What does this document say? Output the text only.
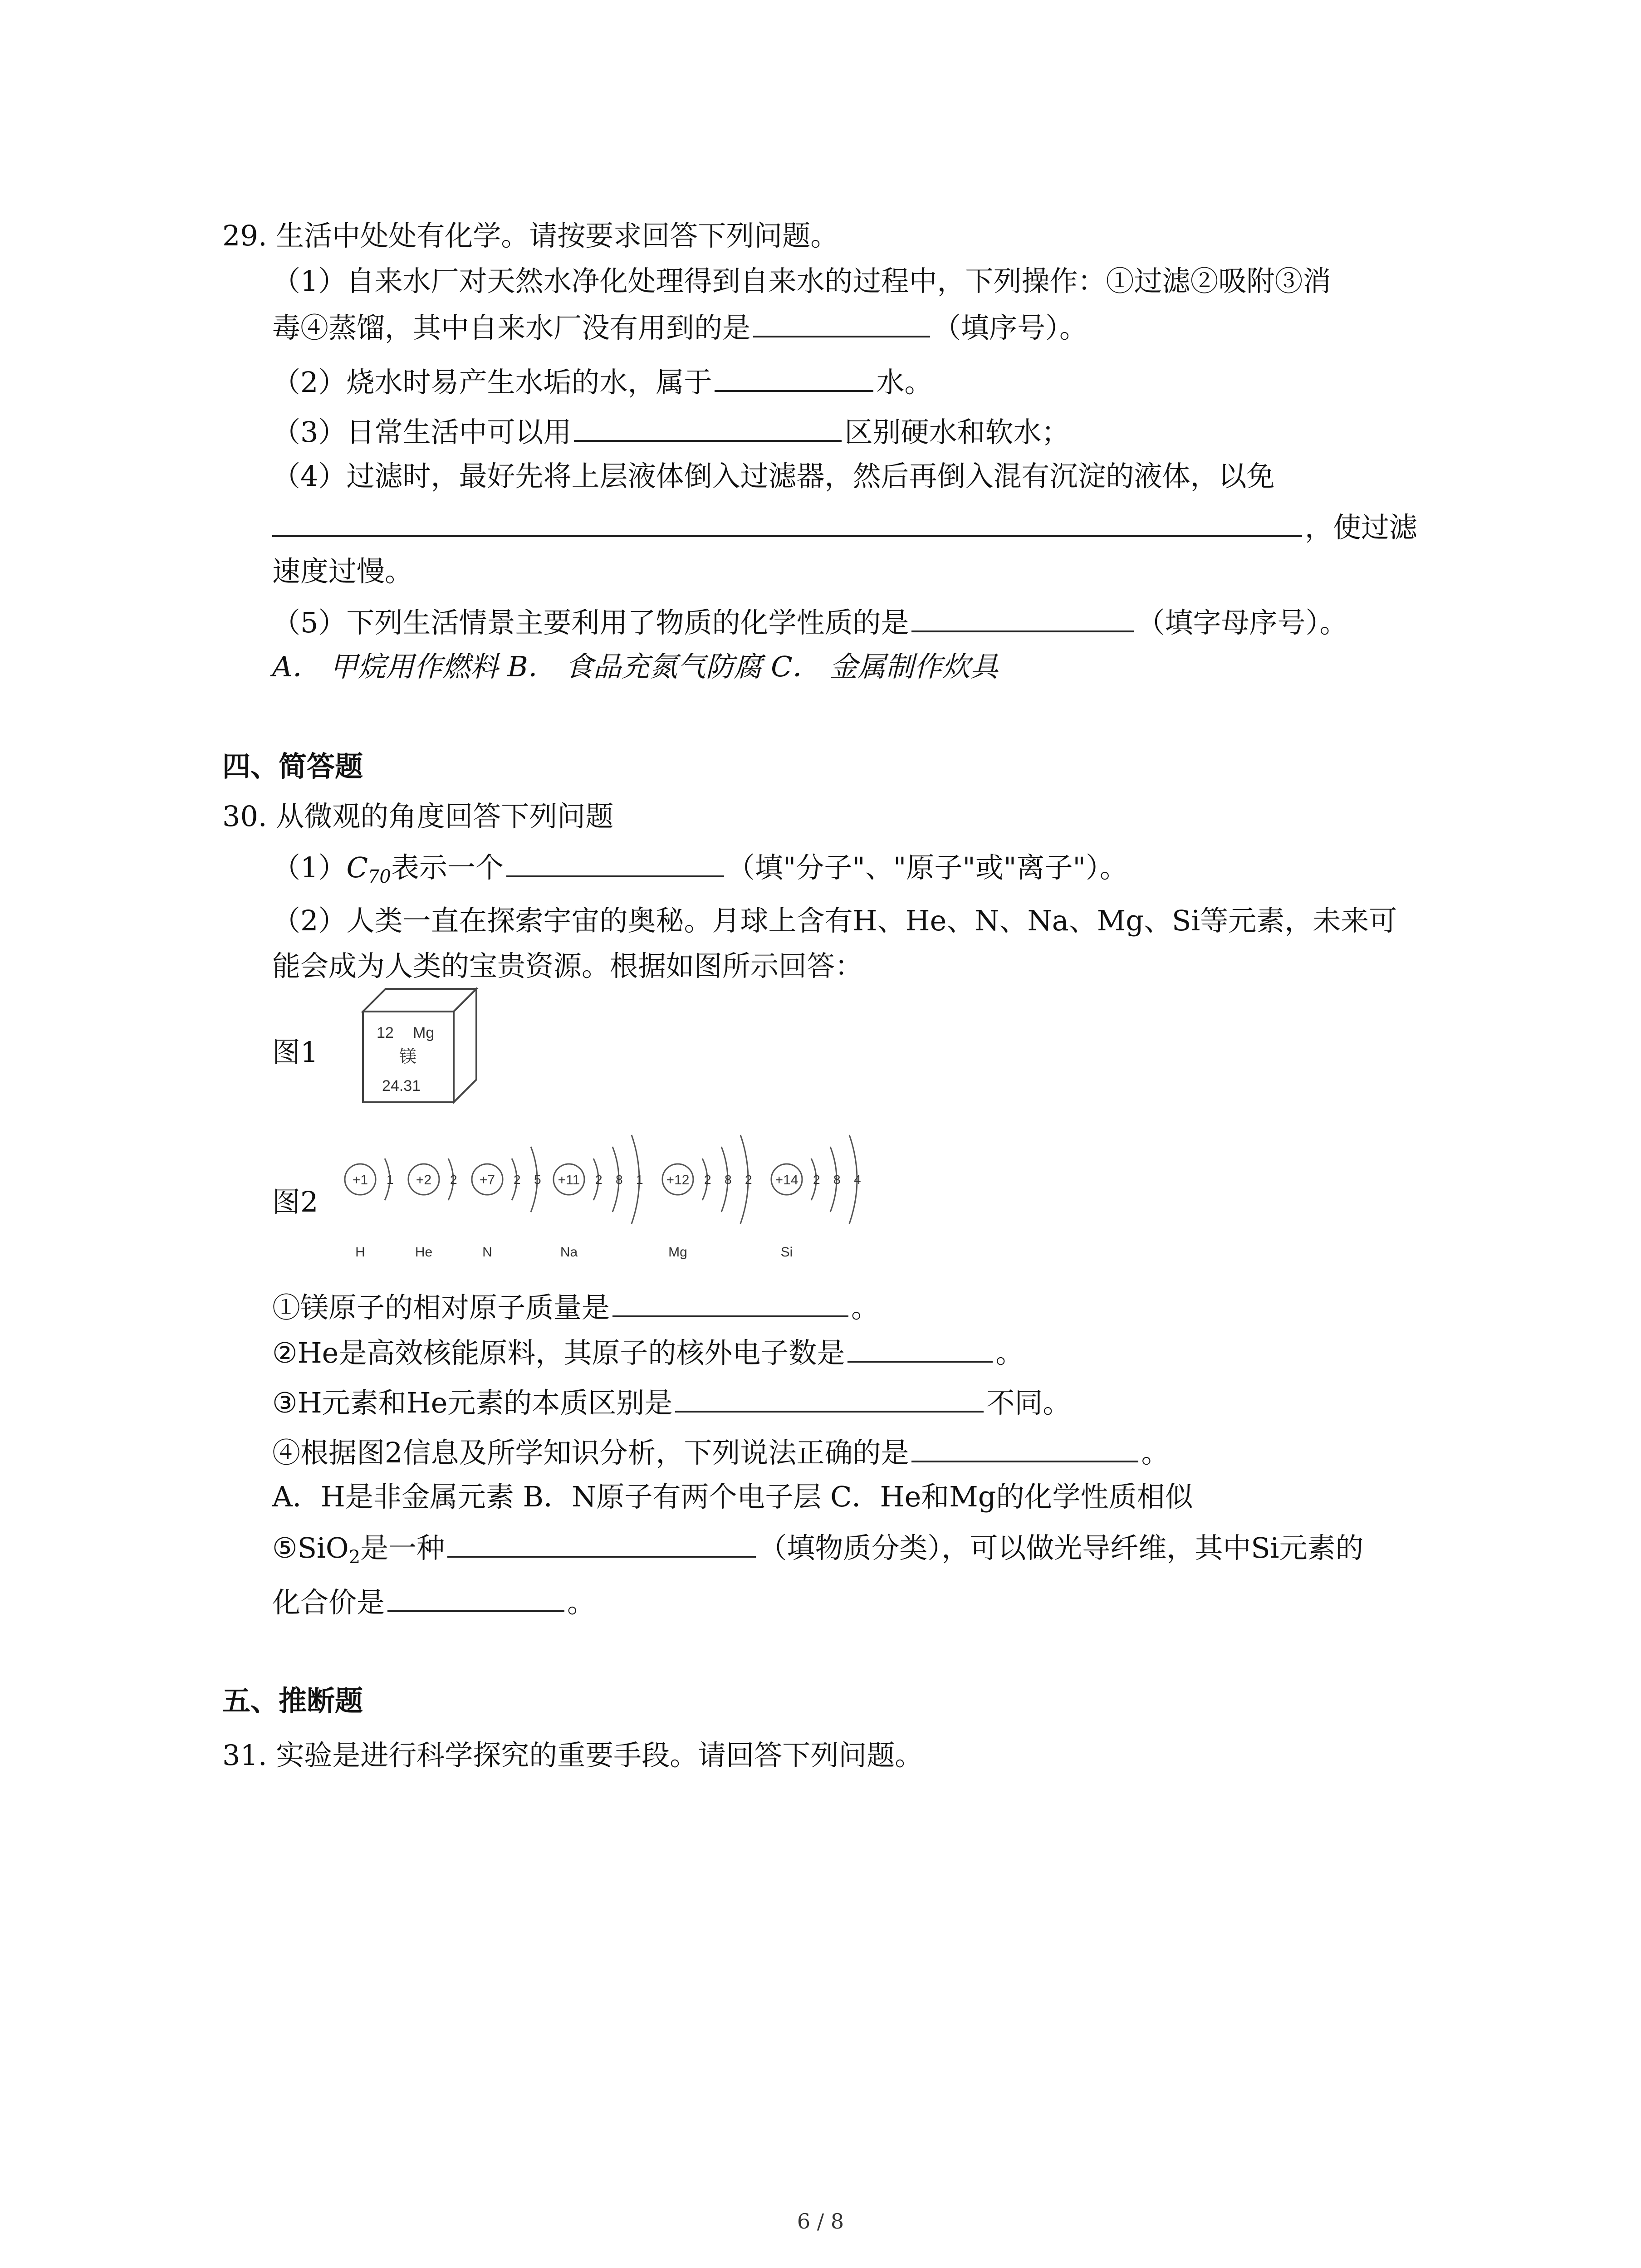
29. 生活中处处有化学。请按要求回答下列问题。
（1）自来水厂对天然水净化处理得到自来水的过程中，下列操作：①过滤②吸附③消
毒④蒸馏，其中自来水厂没有用到的是	（填序号）。
（2）烧水时易产生水垢的水，属于	水。
（3）日常生活中可以用	区别硬水和软水；
（4）过滤时，最好先将上层液体倒入过滤器，然后再倒入混有沉淀的液体，以免
，使过滤
速度过慢。
（5）下列生活情景主要利用了物质的化学性质的是	（填字母序号）。
A． 甲烷用作燃料 B． 食品充氮气防腐 C． 金属制作炊具
四、简答题
30. 从微观的角度回答下列问题
$(1)C_{70}$表示一个	（填"分子"、"原子"或"离子"）。
（2）人类一直在探索宇宙的奥秘。月球上含有H、He、N、Na、Mg、Si等元素，未来可
能会成为人类的宝贵资源。根据如图所示回答：
图1
12 Mg
镁
24.31
图2
+1 1
H
+2 2
He
+7 2 5
N
+11 2 8 1
Na
+12 2 8 2
Mg
+14 2 8 4
Si
①镁原子的相对原子质量是	。
②He是高效核能原料，其原子的核外电子数是	。
③H元素和He元素的本质区别是	不同。
④根据图2信息及所学知识分析，下列说法正确的是	。
A．H是非金属元素 B．N原子有两个电子层 C．He和Mg的化学性质相似
⑤SiO$_2$是一种	（填物质分类），可以做光导纤维，其中Si元素的
化合价是	。
五、推断题
31. 实验是进行科学探究的重要手段。请回答下列问题。
6 / 8
